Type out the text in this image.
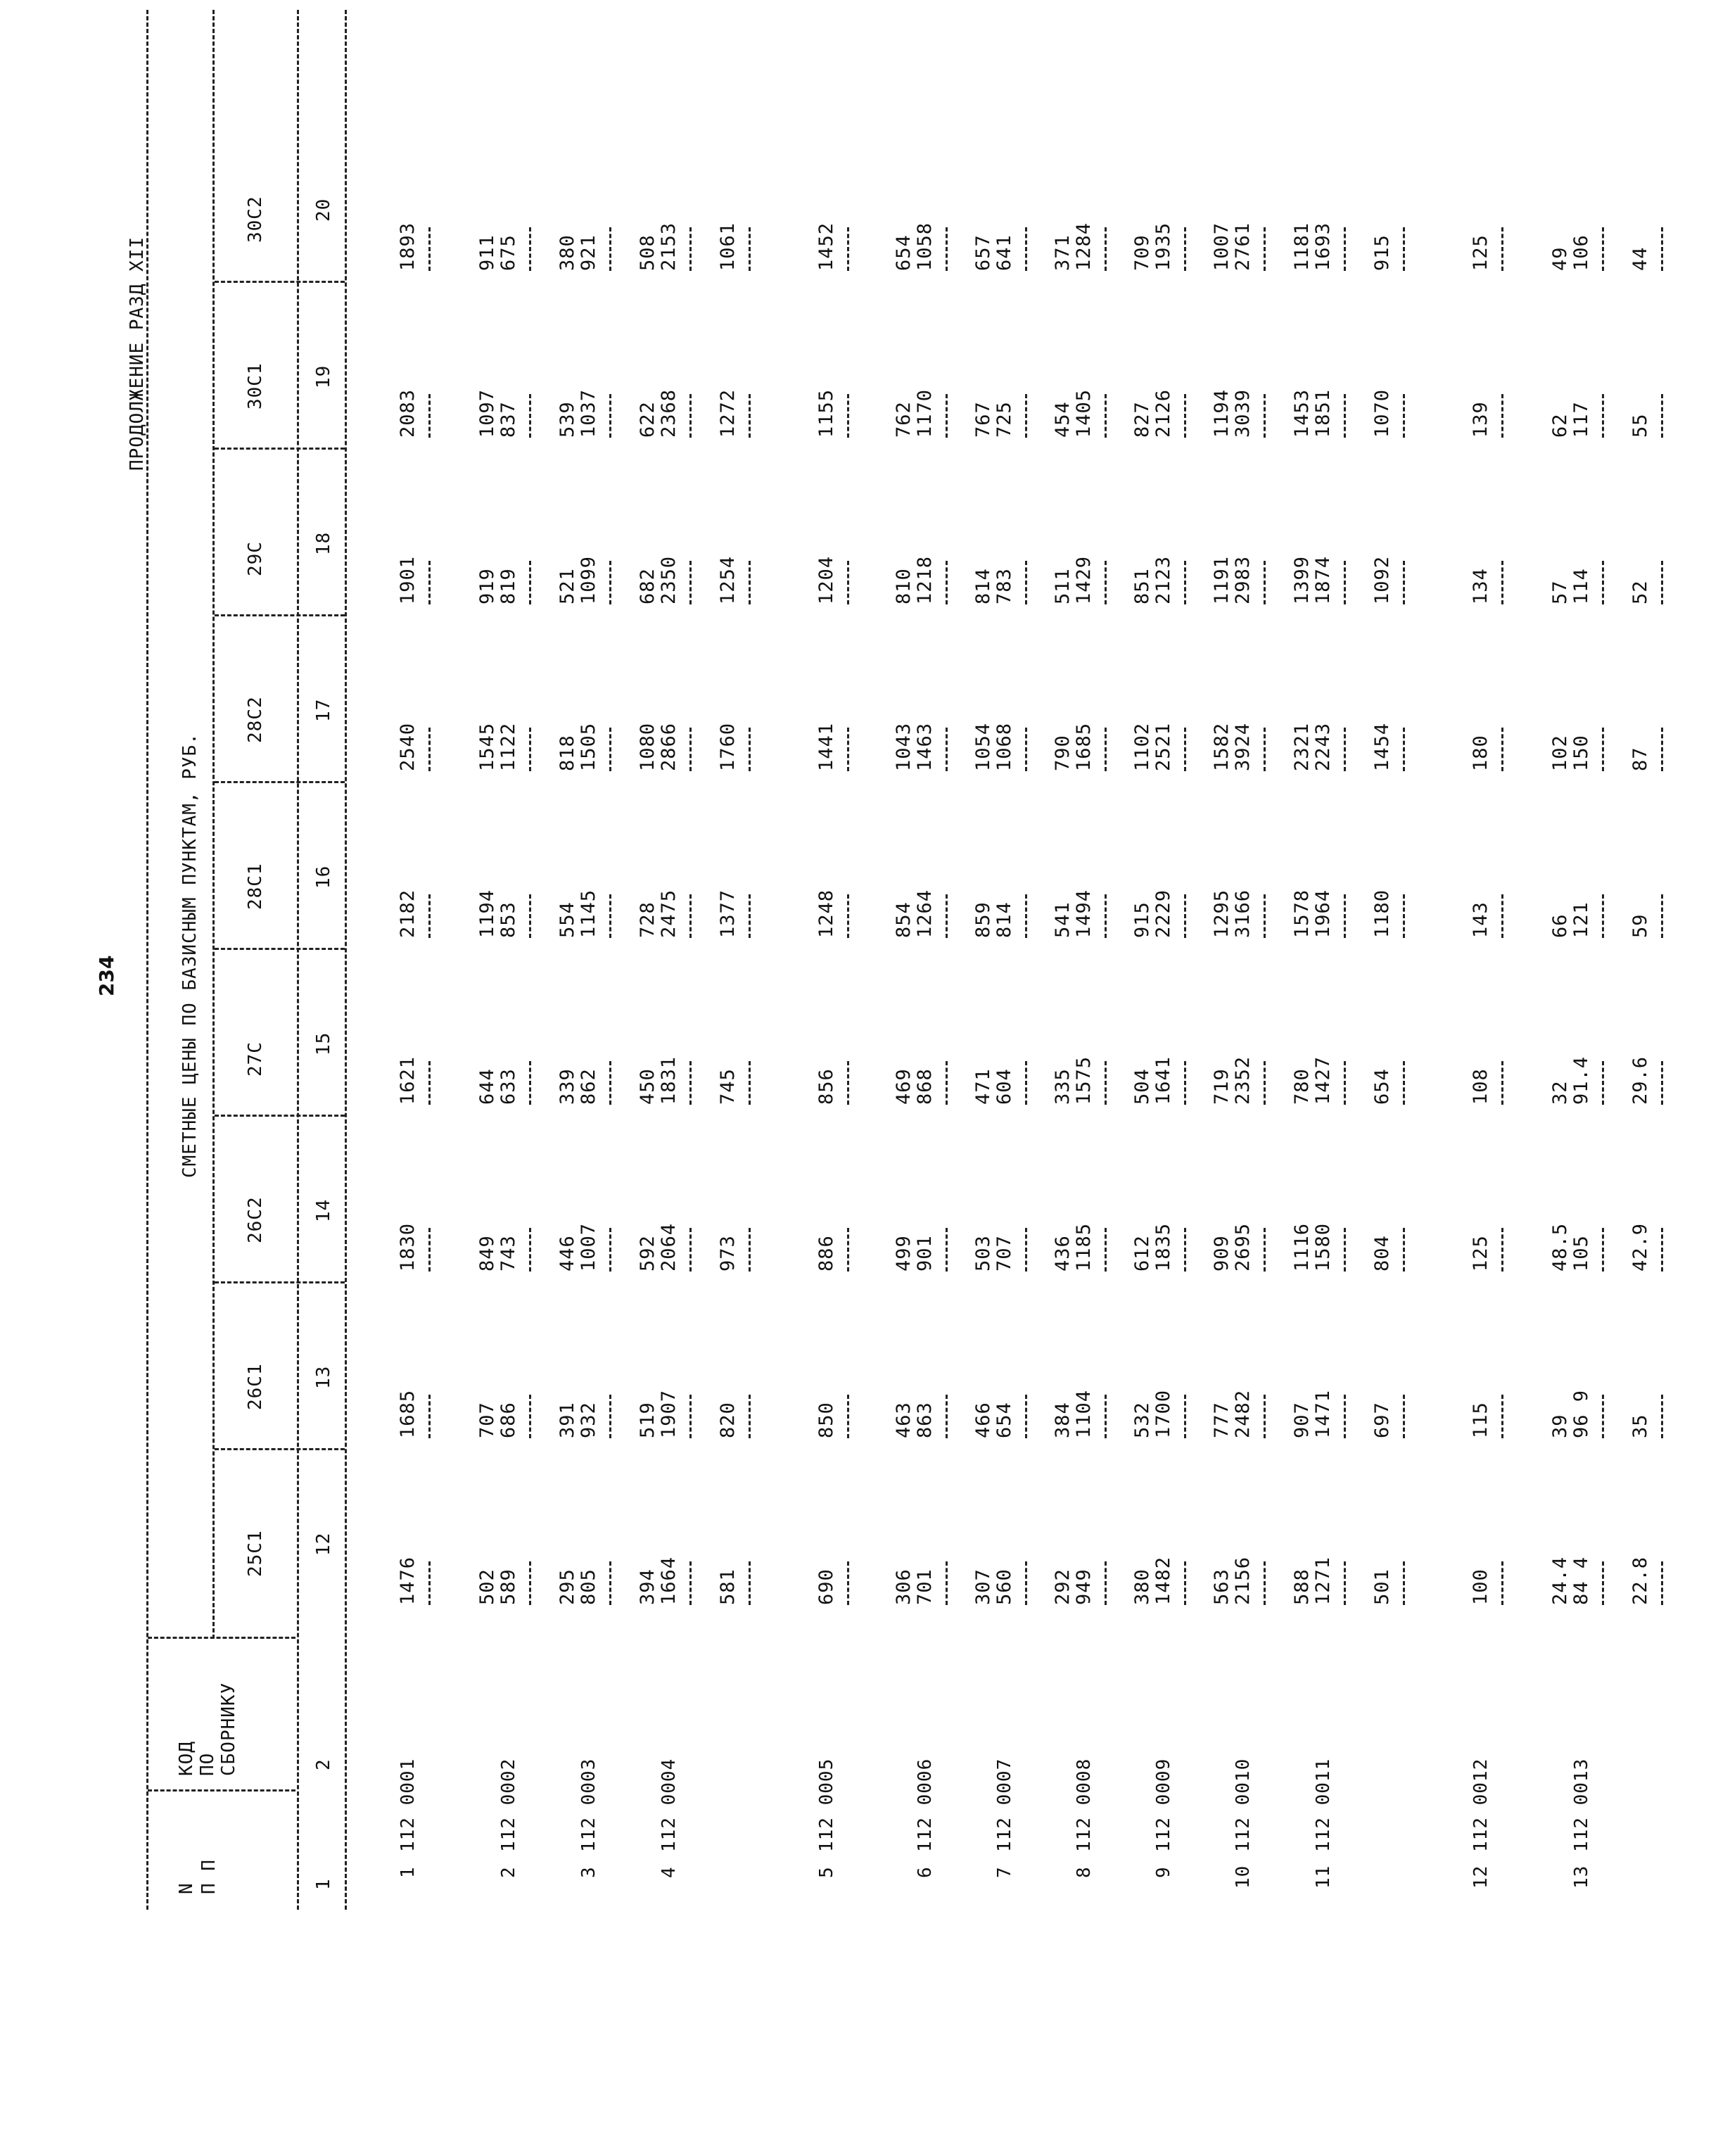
234
ПРОДОЛЖЕНИЕ РАЗД XII
N П П
КОД ПО СБОРНИКУ
СМЕТНЫЕ ЦЕНЫ ПО БАЗИСНЫМ ПУНКТАМ, РУБ.
1
112 0001
1476
1685
1830
1621
2182
2540
1901
2083
1893
2
112 0002
502 589
707 686
849 743
644 633
1194 853
1545 1122
919 819
1097 837
911 675
3
112 0003
295 805
391 932
446 1007
339 862
554 1145
818 1505
521 1099
539 1037
380 921
4
112 0004
394 1664
519 1907
592 2064
450 1831
728 2475
1080 2866
682 2350
622 2368
508 2153
581
820
973
745
1377
1760
1254
1272
1061
5
112 0005
690
850
886
856
1248
1441
1204
1155
1452
6
112 0006
306 701
463 863
499 901
469 868
854 1264
1043 1463
810 1218
762 1170
654 1058
7
112 0007
307 560
466 654
503 707
471 604
859 814
1054 1068
814 783
767 725
657 641
8
112 0008
292 949
384 1104
436 1185
335 1575
541 1494
790 1685
511 1429
454 1405
371 1284
9
112 0009
380 1482
532 1700
612 1835
504 1641
915 2229
1102 2521
851 2123
827 2126
709 1935
10
112 0010
563 2156
777 2482
909 2695
719 2352
1295 3166
1582 3924
1191 2983
1194 3039
1007 2761
11
112 0011
588 1271
907 1471
1116 1580
780 1427
1578 1964
2321 2243
1399 1874
1453 1851
1181 1693
501
697
804
654
1180
1454
1092
1070
915
12
112 0012
100
115
125
108
143
180
134
139
125
13
112 0013
24.4 84 4
39 96 9
48.5 105
32 91.4
66 121
102 150
57 114
62 117
49 106
22.8
35
42.9
29.6
59
87
52
55
44
25С1
26С1
26С2
27С
28С1
28С2
29С
30С1
30С2
1
2
12
13
14
15
16
17
18
19
20
